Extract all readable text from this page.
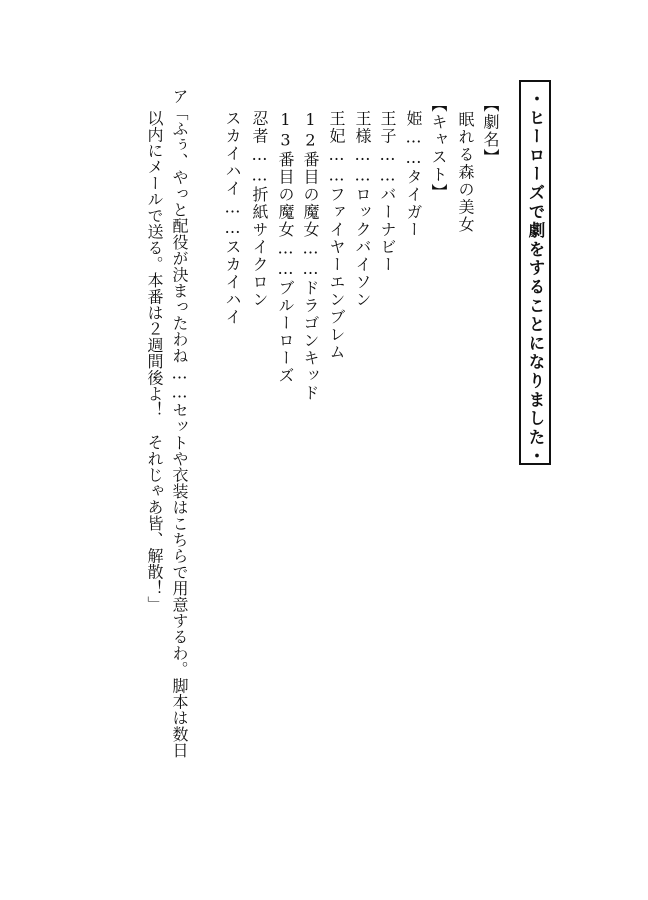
・ヒーローズで劇をすることになりました・
【劇名】
眠れる森の美女
【キャスト】
姫……タイガー
王子……バーナビー
王様……ロックバイソン
王妃……ファイヤーエンブレム
12番目の魔女……ドラゴンキッド
13番目の魔女……ブルーローズ
忍者……折紙サイクロン
スカイハイ……スカイハイ
ア「ふぅ、やっと配役が決まったわね……セットや衣装はこちらで用意するわ。脚本は数日
以内にメールで送る。本番は２週間後よ！　それじゃあ皆、解散！」
